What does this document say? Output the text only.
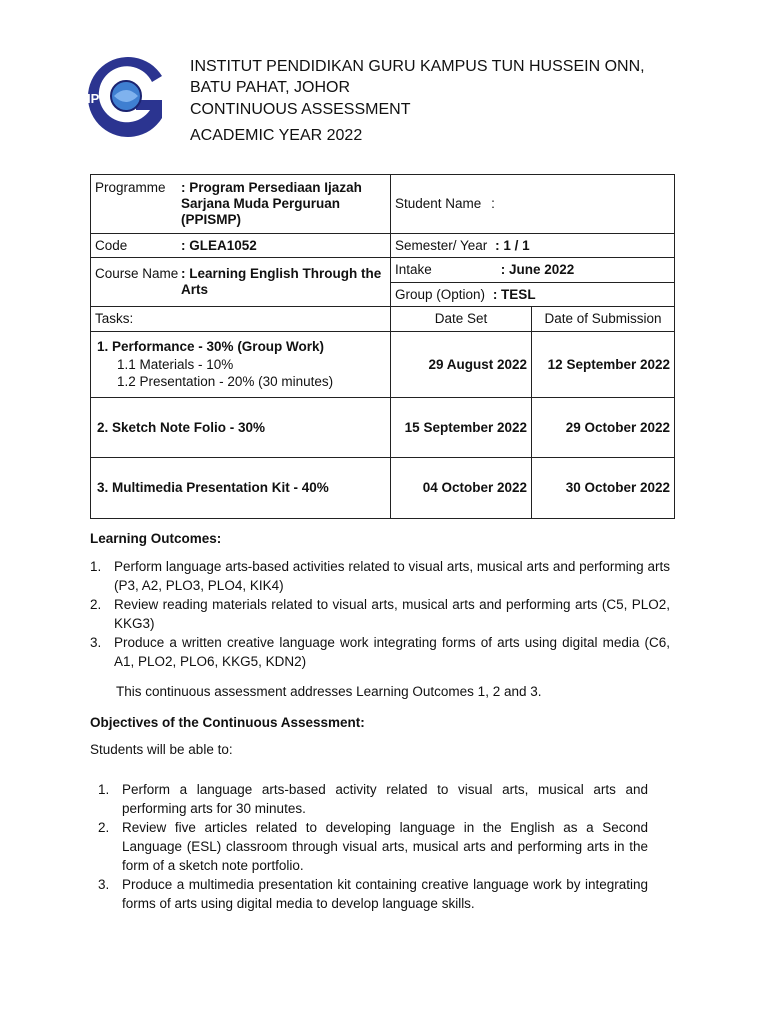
IPG
INSTITUT PENDIDIKAN GURU KAMPUS TUN HUSSEIN ONN,
BATU PAHAT, JOHOR
CONTINUOUS ASSESSMENT
ACADEMIC YEAR 2022
Programme : Program Persediaan Ijazah Sarjana Muda Perguruan (PPISMP)	Student Name :	

Code : GLEA1052	Semester/ Year : 1 / 1	

Course Name : Learning English Through the Arts	Intake : June 2022	
	Group (Option) : TESL	
Tasks:	Date Set	Date of Submission

1. Performance - 30% (Group Work)
1.1 Materials - 10%
1.2 Presentation - 20% (30 minutes)	29 August 2022	12 September 2022
2. Sketch Note Folio - 30%	15 September 2022	29 October 2022
3. Multimedia Presentation Kit - 40%	04 October 2022	30 October 2022
Learning Outcomes:
1. Perform language arts-based activities related to visual arts, musical arts and performing arts (P3, A2, PLO3, PLO4, KIK4)
2. Review reading materials related to visual arts, musical arts and performing arts (C5, PLO2, KKG3)
3. Produce a written creative language work integrating forms of arts using digital media (C6, A1, PLO2, PLO6, KKG5, KDN2)
This continuous assessment addresses Learning Outcomes 1, 2 and 3.
Objectives of the Continuous Assessment:
Students will be able to:
1. Perform a language arts-based activity related to visual arts, musical arts and performing arts for 30 minutes.
2. Review five articles related to developing language in the English as a Second Language (ESL) classroom through visual arts, musical arts and performing arts in the form of a sketch note portfolio.
3. Produce a multimedia presentation kit containing creative language work by integrating forms of arts using digital media to develop language skills.
